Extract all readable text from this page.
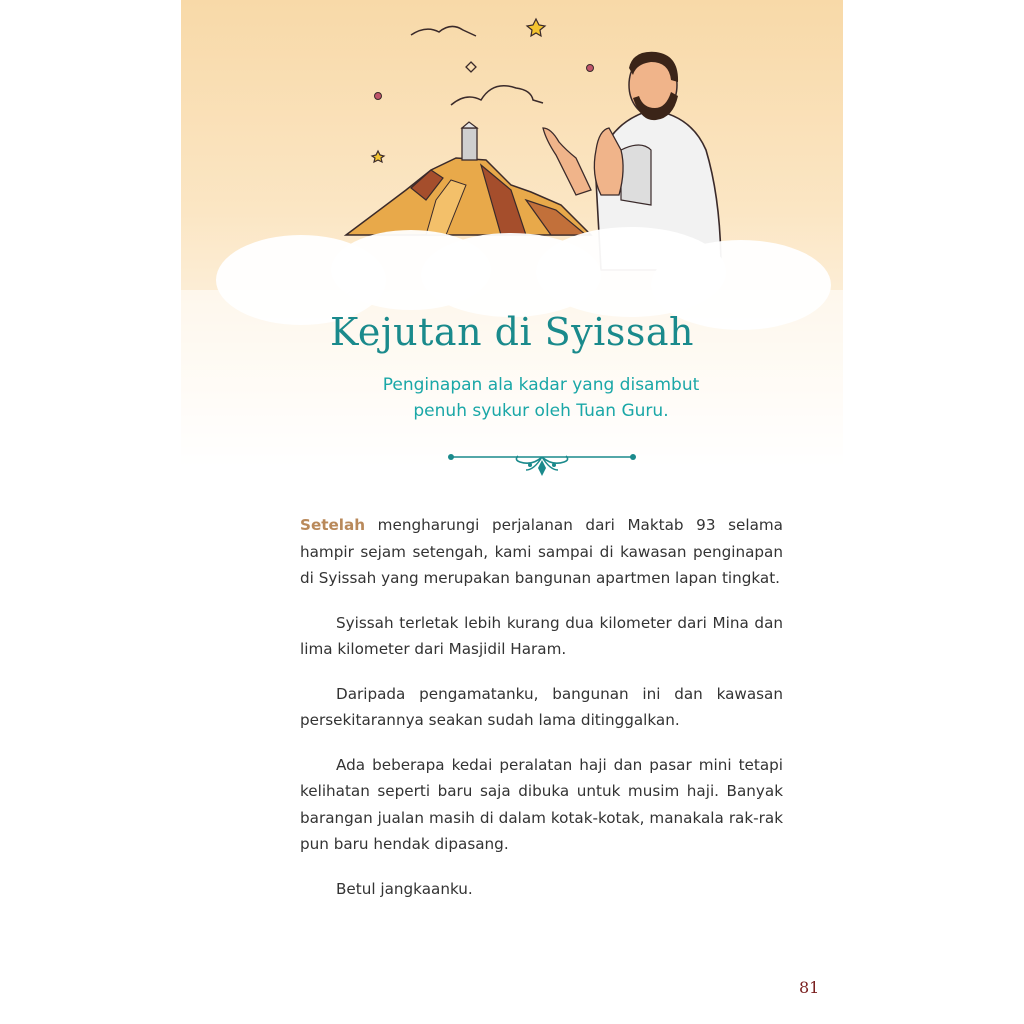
Kejutan di Syissah
Penginapan ala kadar yang disambut
penuh syukur oleh Tuan Guru.

Setelah mengharungi perjalanan dari Maktab 93 selama hampir sejam setengah, kami sampai di kawasan penginapan di Syissah yang merupakan bangunan apartmen lapan tingkat.

Syissah terletak lebih kurang dua kilometer dari Mina dan lima kilometer dari Masjidil Haram.

Daripada pengamatanku, bangunan ini dan kawasan persekitarannya seakan sudah lama ditinggalkan.

Ada beberapa kedai peralatan haji dan pasar mini tetapi kelihatan seperti baru saja dibuka untuk musim haji. Banyak barangan jualan masih di dalam kotak-kotak, manakala rak-rak pun baru hendak dipasang.

Betul jangkaanku.

81
